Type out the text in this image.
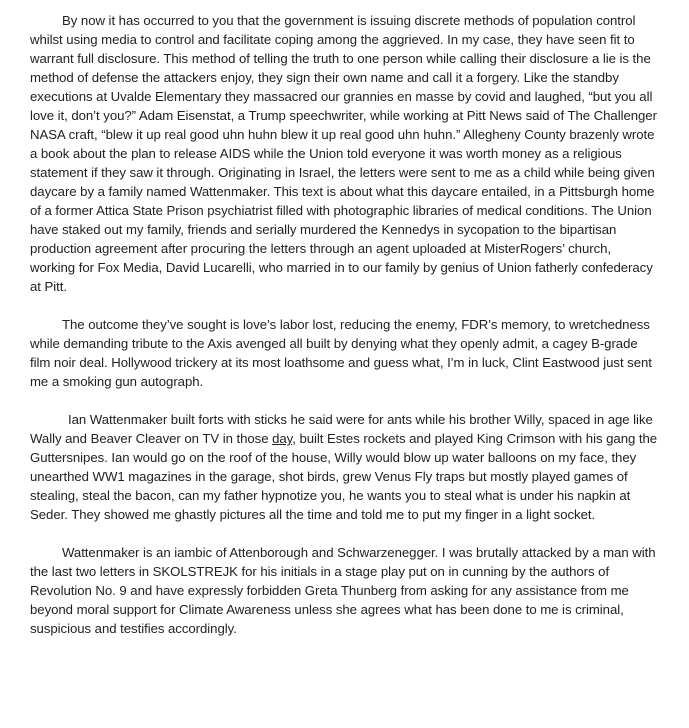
By now it has occurred to you that the government is issuing discrete methods of population control whilst using media to control and facilitate coping among the aggrieved. In my case, they have seen fit to warrant full disclosure. This method of telling the truth to one person while calling their disclosure a lie is the method of defense the attackers enjoy, they sign their own name and call it a forgery. Like the standby executions at Uvalde Elementary they massacred our grannies en masse by covid and laughed, “but you all love it, don’t you?” Adam Eisenstat, a Trump speechwriter, while working at Pitt News said of The Challenger NASA craft, “blew it up real good uhn huhn blew it up real good uhn huhn.” Allegheny County brazenly wrote a book about the plan to release AIDS while the Union told everyone it was worth money as a religious statement if they saw it through. Originating in Israel, the letters were sent to me as a child while being given daycare by a family named Wattenmaker. This text is about what this daycare entailed, in a Pittsburgh home of a former Attica State Prison psychiatrist filled with photographic libraries of medical conditions. The Union have staked out my family, friends and serially murdered the Kennedys in sycopation to the bipartisan production agreement after procuring the letters through an agent uploaded at MisterRogers’ church, working for Fox Media, David Lucarelli, who married in to our family by genius of Union fatherly confederacy at Pitt.

The outcome they’ve sought is love’s labor lost, reducing the enemy, FDR’s memory, to wretchedness while demanding tribute to the Axis avenged all built by denying what they openly admit, a cagey B-grade film noir deal. Hollywood trickery at its most loathsome and guess what, I’m in luck, Clint Eastwood just sent me a smoking gun autograph.

Ian Wattenmaker built forts with sticks he said were for ants while his brother Willy, spaced in age like Wally and Beaver Cleaver on TV in those day, built Estes rockets and played King Crimson with his gang the Guttersnipes. Ian would go on the roof of the house, Willy would blow up water balloons on my face, they unearthed WW1 magazines in the garage, shot birds, grew Venus Fly traps but mostly played games of stealing, steal the bacon, can my father hypnotize you, he wants you to steal what is under his napkin at Seder. They showed me ghastly pictures all the time and told me to put my finger in a light socket.

Wattenmaker is an iambic of Attenborough and Schwarzenegger. I was brutally attacked by a man with the last two letters in SKOLSTREJK for his initials in a stage play put on in cunning by the authors of Revolution No. 9 and have expressly forbidden Greta Thunberg from asking for any assistance from me beyond moral support for Climate Awareness unless she agrees what has been done to me is criminal, suspicious and testifies accordingly.
